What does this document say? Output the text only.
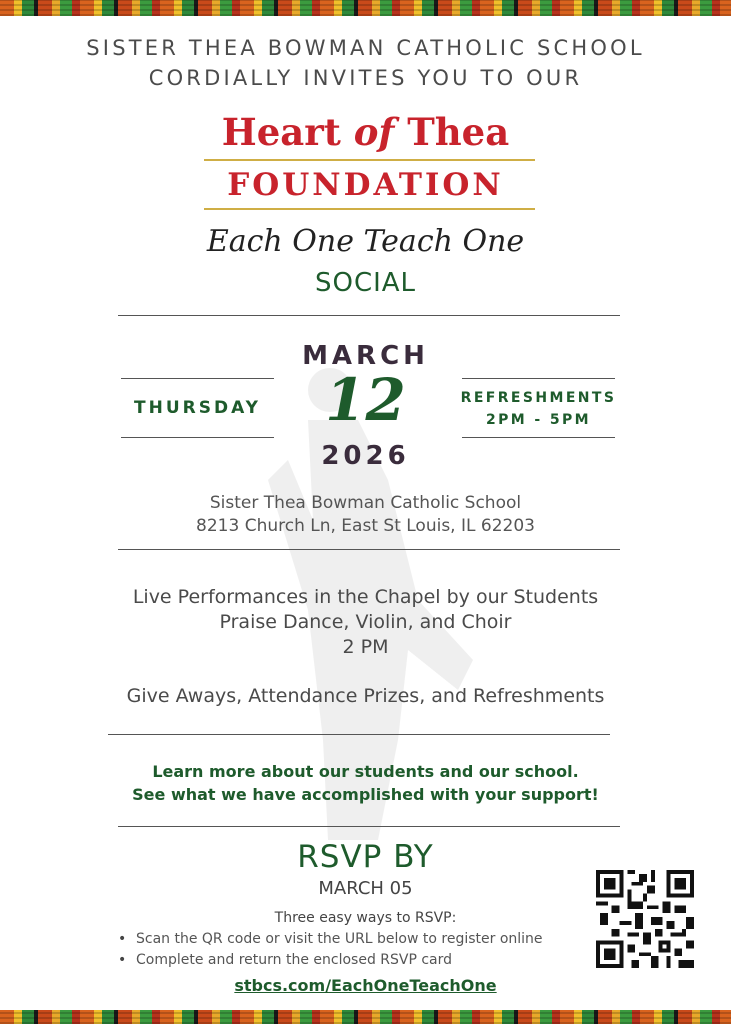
SISTER THEA BOWMAN CATHOLIC SCHOOL
CORDIALLY INVITES YOU TO OUR
Heart of Thea
FOUNDATION
Each One Teach One
SOCIAL
MARCH
12
2026
THURSDAY	REFRESHMENTS
2PM - 5PM
Sister Thea Bowman Catholic School
8213 Church Ln, East St Louis, IL 62203
Live Performances in the Chapel by our Students
Praise Dance, Violin, and Choir
2 PM
Give Aways, Attendance Prizes, and Refreshments
Learn more about our students and our school.
See what we have accomplished with your support!
RSVP BY
MARCH 05
Three easy ways to RSVP:
• Scan the QR code or visit the URL below to register online
• Complete and return the enclosed RSVP card
stbcs.com/EachOneTeachOne
